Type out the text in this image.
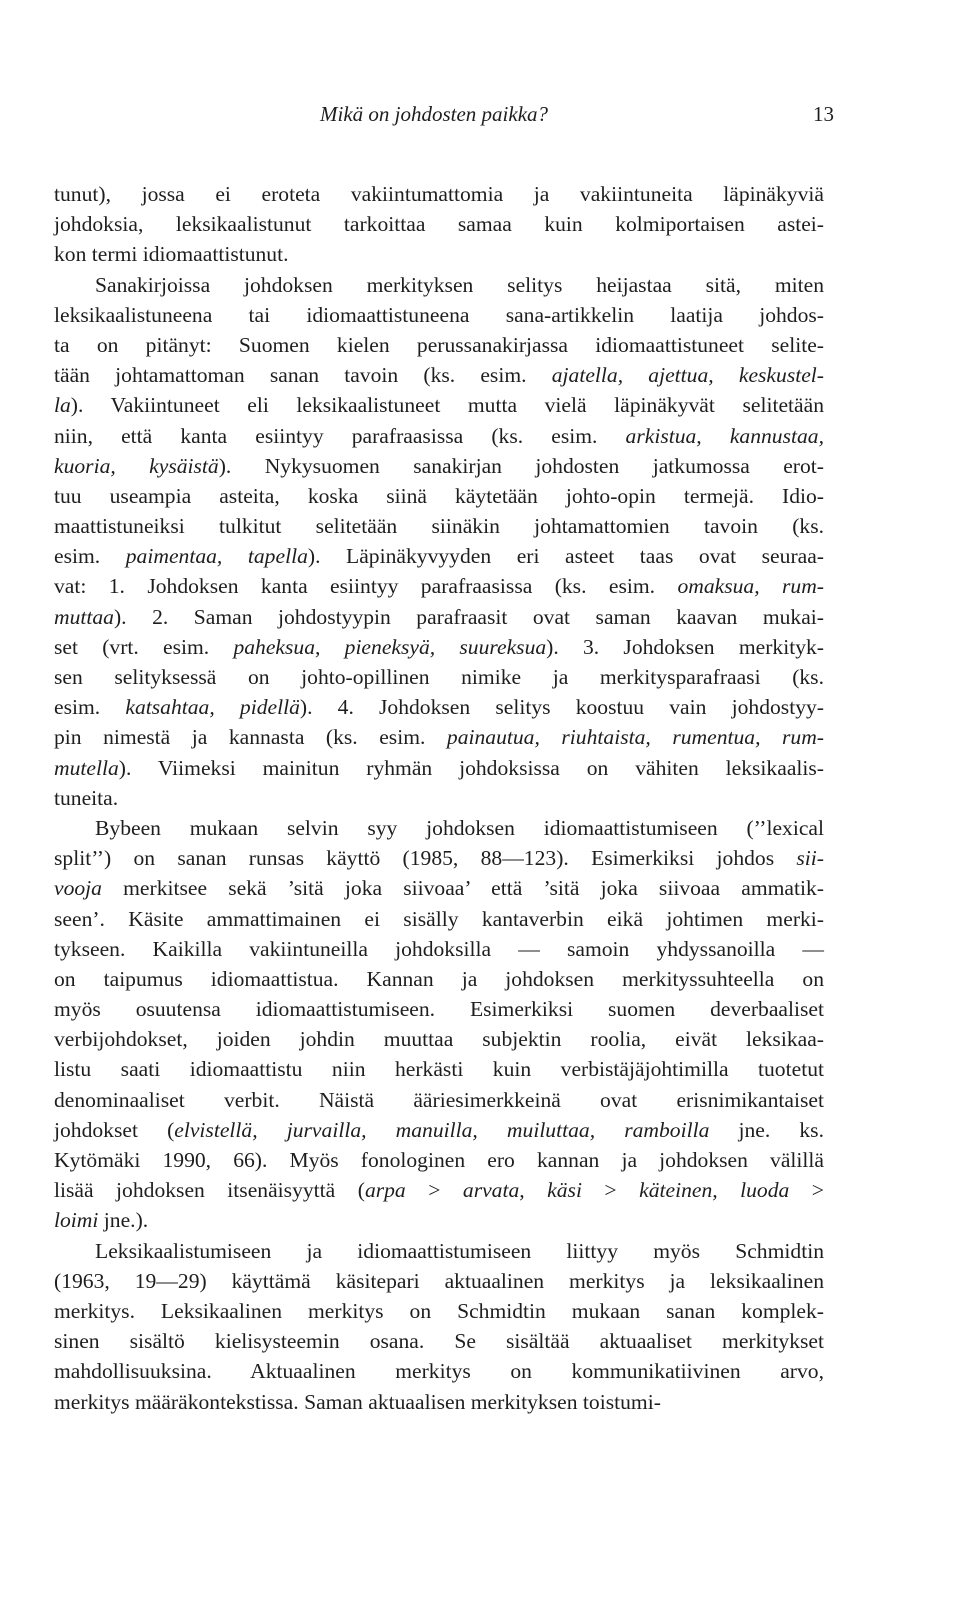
Mikä on johdosten paikka?	13
tunut), jossa ei eroteta vakiintumattomia ja vakiintuneita läpinäkyviä
johdoksia, leksikaalistunut tarkoittaa samaa kuin kolmiportaisen astei-
kon termi idiomaattistunut.
Sanakirjoissa johdoksen merkityksen selitys heijastaa sitä, miten
leksikaalistuneena tai idiomaattistuneena sana-artikkelin laatija johdos-
ta on pitänyt: Suomen kielen perussanakirjassa idiomaattistuneet selite-
tään johtamattoman sanan tavoin (ks. esim. ajatella, ajettua, keskustel-
la). Vakiintuneet eli leksikaalistuneet mutta vielä läpinäkyvät selitetään
niin, että kanta esiintyy parafraasissa (ks. esim. arkistua, kannustaa,
kuoria, kysäistä). Nykysuomen sanakirjan johdosten jatkumossa erot-
tuu useampia asteita, koska siinä käytetään johto-opin termejä. Idio-
maattistuneiksi tulkitut selitetään siinäkin johtamattomien tavoin (ks.
esim. paimentaa, tapella). Läpinäkyvyyden eri asteet taas ovat seuraa-
vat: 1. Johdoksen kanta esiintyy parafraasissa (ks. esim. omaksua, rum-
muttaa). 2. Saman johdostyypin parafraasit ovat saman kaavan mukai-
set (vrt. esim. paheksua, pieneksyä, suureksua). 3. Johdoksen merkityk-
sen selityksessä on johto-opillinen nimike ja merkitysparafraasi (ks.
esim. katsahtaa, pidellä). 4. Johdoksen selitys koostuu vain johdostyy-
pin nimestä ja kannasta (ks. esim. painautua, riuhtaista, rumentua, rum-
mutella). Viimeksi mainitun ryhmän johdoksissa on vähiten leksikaalis-
tuneita.
Bybeen mukaan selvin syy johdoksen idiomaattistumiseen (’’lexical
split’’) on sanan runsas käyttö (1985, 88—123). Esimerkiksi johdos sii-
vooja merkitsee sekä ’sitä joka siivoaa’ että ’sitä joka siivoaa ammatik-
seen’. Käsite ammattimainen ei sisälly kantaverbin eikä johtimen merki-
tykseen. Kaikilla vakiintuneilla johdoksilla — samoin yhdyssanoilla —
on taipumus idiomaattistua. Kannan ja johdoksen merkityssuhteella on
myös osuutensa idiomaattistumiseen. Esimerkiksi suomen deverbaaliset
verbijohdokset, joiden johdin muuttaa subjektin roolia, eivät leksikaa-
listu saati idiomaattistu niin herkästi kuin verbistäjäjohtimilla tuotetut
denominaaliset verbit. Näistä ääriesimerkkeinä ovat erisnimikantaiset
johdokset (elvistellä, jurvailla, manuilla, muiluttaa, ramboilla jne. ks.
Kytömäki 1990, 66). Myös fonologinen ero kannan ja johdoksen välillä
lisää johdoksen itsenäisyyttä (arpa > arvata, käsi > käteinen, luoda >
loimi jne.).
Leksikaalistumiseen ja idiomaattistumiseen liittyy myös Schmidtin
(1963, 19—29) käyttämä käsitepari aktuaalinen merkitys ja leksikaalinen
merkitys. Leksikaalinen merkitys on Schmidtin mukaan sanan komplek-
sinen sisältö kielisysteemin osana. Se sisältää aktuaaliset merkitykset
mahdollisuuksina. Aktuaalinen merkitys on kommunikatiivinen arvo,
merkitys määräkontekstissa. Saman aktuaalisen merkityksen toistumi-
